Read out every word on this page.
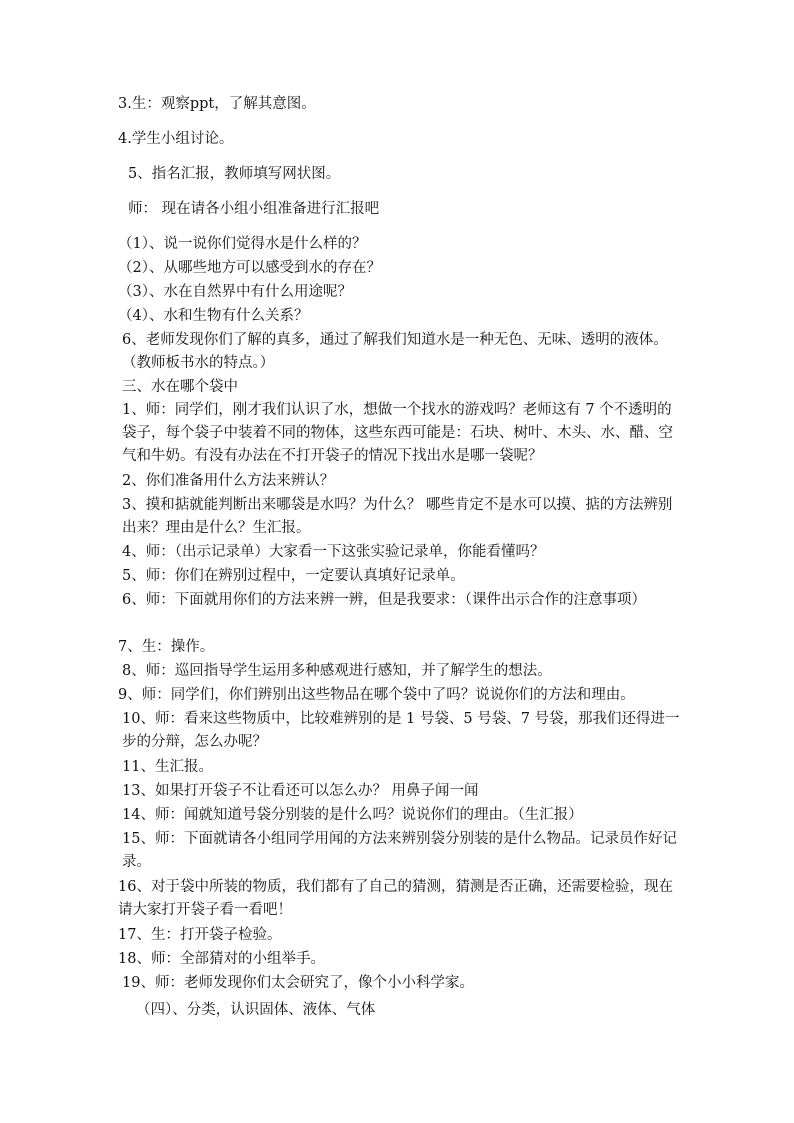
3.生：观察ppt，了解其意图。
4.学生小组讨论。
5、指名汇报，教师填写网状图。
师： 现在请各小组小组准备进行汇报吧
（1）、说一说你们觉得水是什么样的？
（2）、从哪些地方可以感受到水的存在？
（3）、水在自然界中有什么用途呢？
（4）、水和生物有什么关系？
6、老师发现你们了解的真多，通过了解我们知道水是一种无色、无味、透明的液体。（教师板书水的特点。）
三、水在哪个袋中
1、师：同学们，刚才我们认识了水，想做一个找水的游戏吗？老师这有 7 个不透明的袋子，每个袋子中装着不同的物体，这些东西可能是：石块、树叶、木头、水、醋、空气和牛奶。有没有办法在不打开袋子的情况下找出水是哪一袋呢？
2、你们准备用什么方法来辨认？
3、摸和掂就能判断出来哪袋是水吗？为什么？ 哪些肯定不是水可以摸、掂的方法辨别出来？理由是什么？生汇报。
4、师：（出示记录单）大家看一下这张实验记录单，你能看懂吗？
5、师：你们在辨别过程中，一定要认真填好记录单。
6、师：下面就用你们的方法来辨一辨，但是我要求：（课件出示合作的注意事项）
7、生：操作。
8、师：巡回指导学生运用多种感观进行感知，并了解学生的想法。
9、师：同学们，你们辨别出这些物品在哪个袋中了吗？说说你们的方法和理由。
10、师：看来这些物质中，比较难辨别的是 1 号袋、5 号袋、7 号袋，那我们还得进一步的分辩，怎么办呢？
11、生汇报。
13、如果打开袋子不让看还可以怎么办？ 用鼻子闻一闻
14、师：闻就知道号袋分别装的是什么吗？说说你们的理由。（生汇报）
15、师：下面就请各小组同学用闻的方法来辨别袋分别装的是什么物品。记录员作好记录。
16、对于袋中所装的物质，我们都有了自己的猜测，猜测是否正确，还需要检验，现在请大家打开袋子看一看吧！
17、生：打开袋子检验。
18、师：全部猜对的小组举手。
19、师：老师发现你们太会研究了，像个小小科学家。
（四）、分类，认识固体、液体、气体
